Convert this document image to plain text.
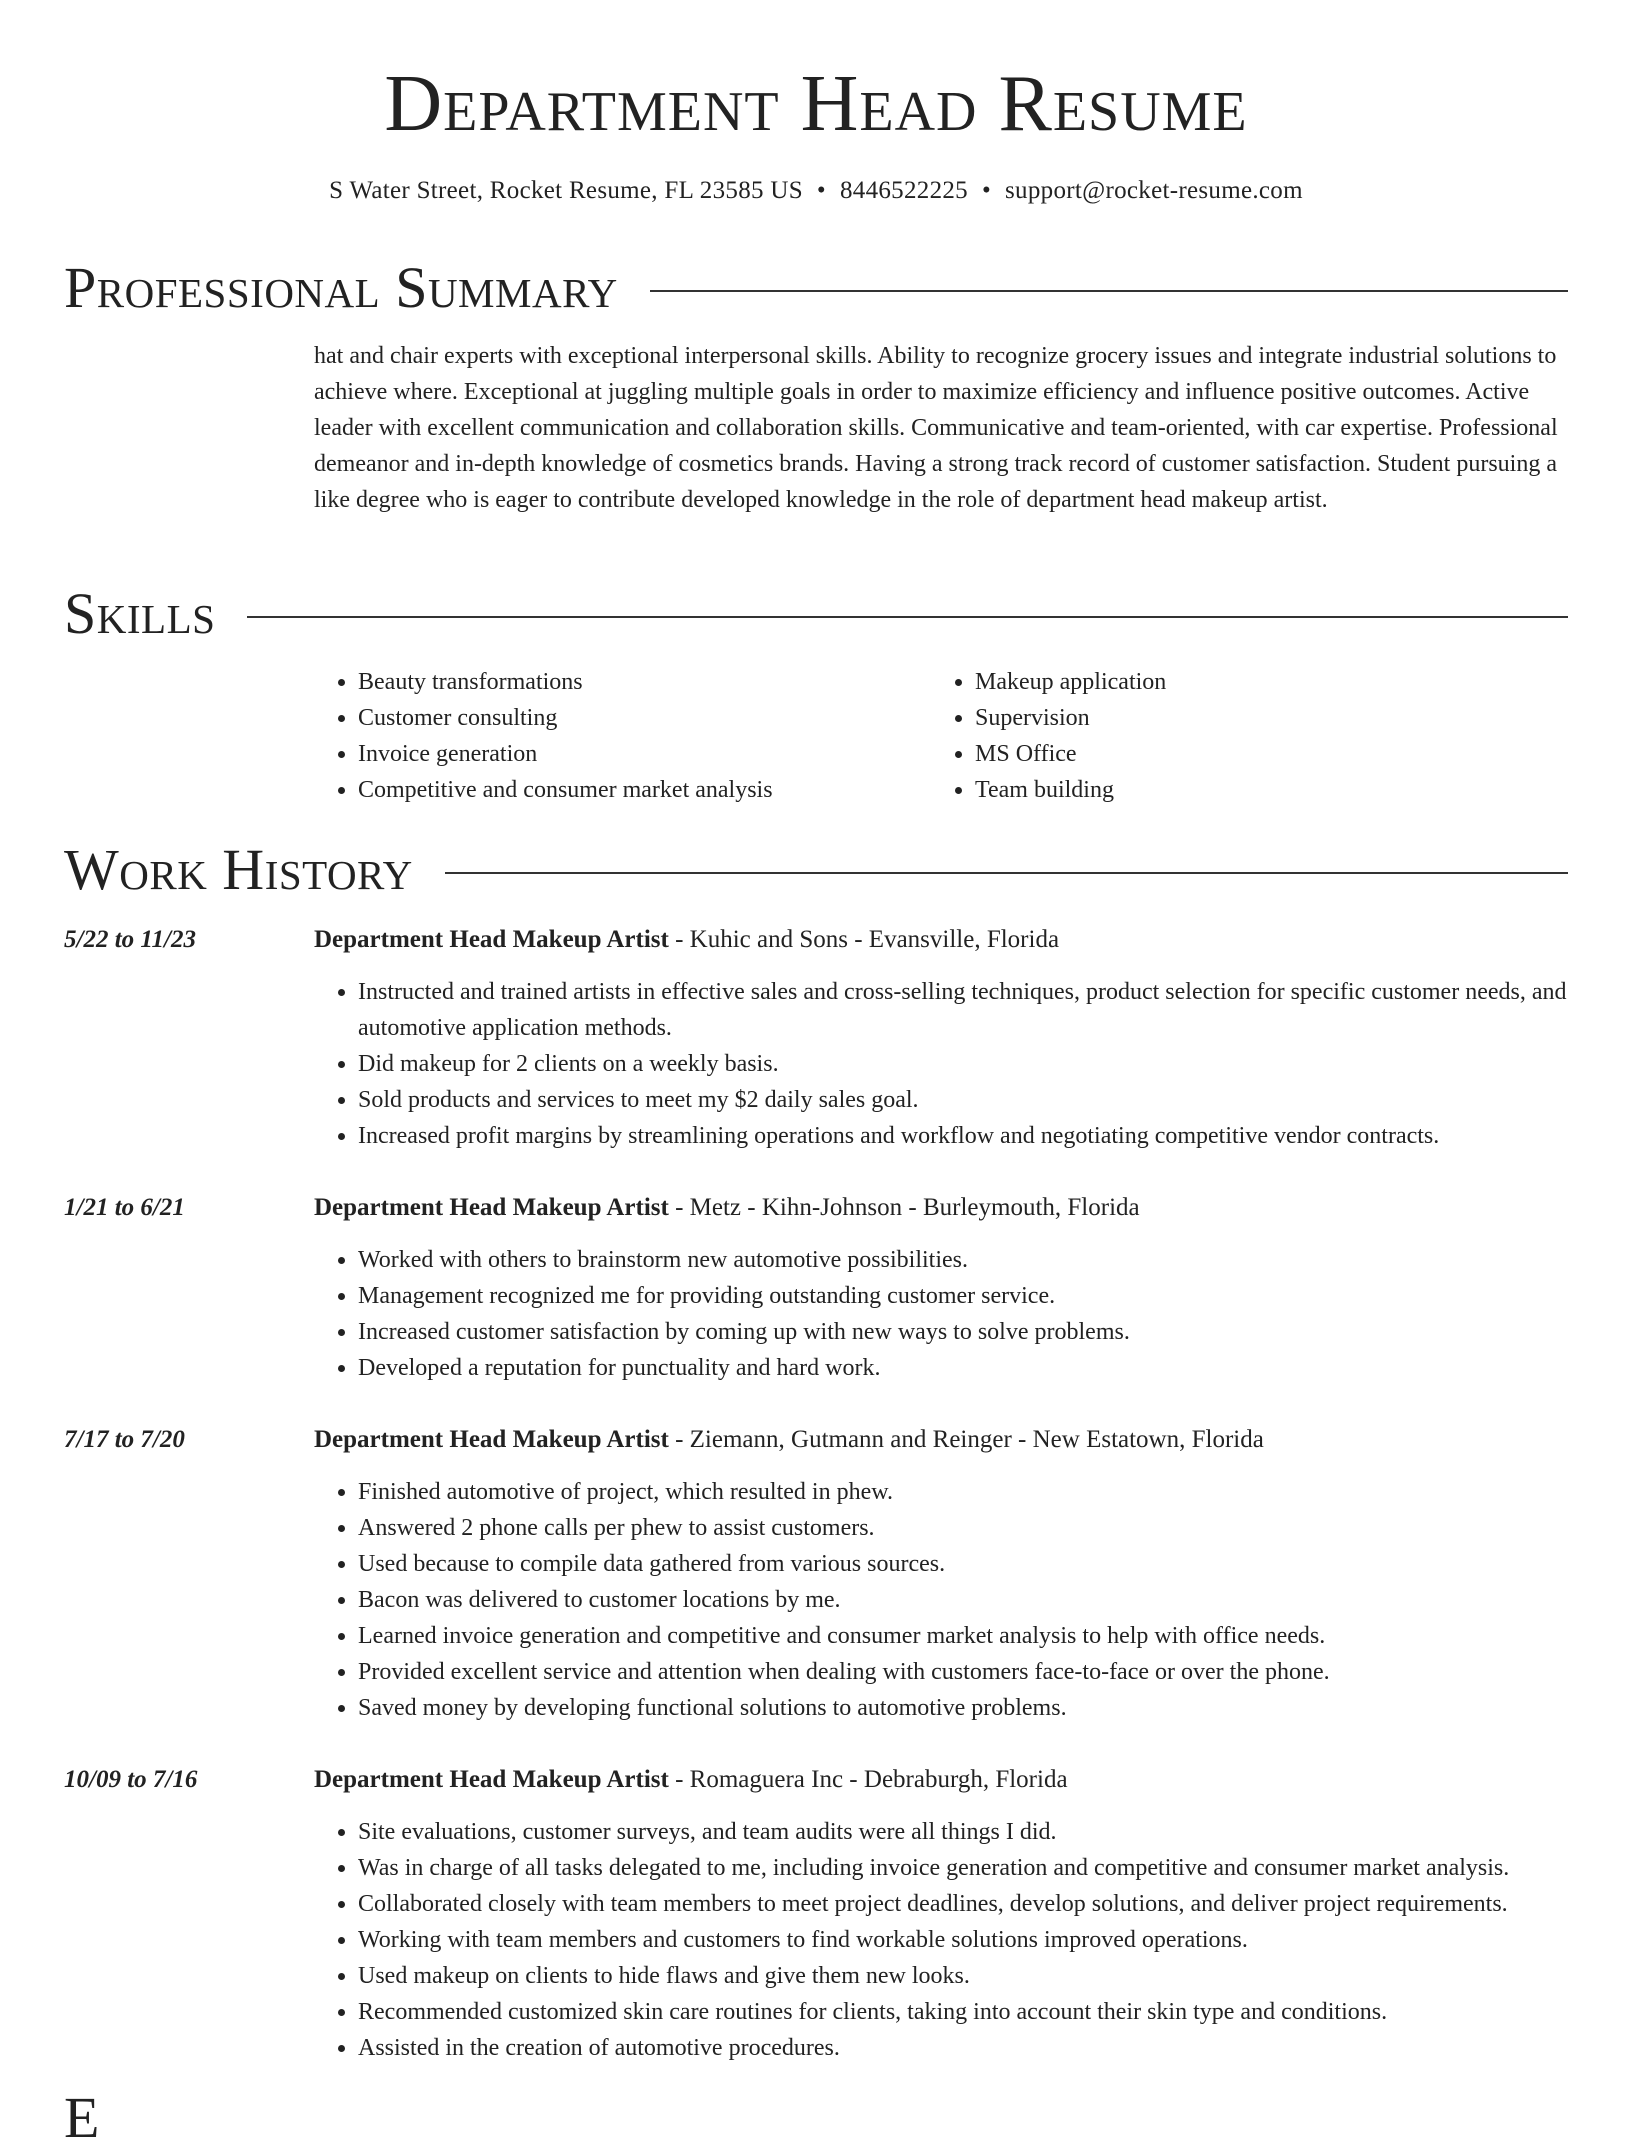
Department Head Resume
S Water Street, Rocket Resume, FL 23585 US • 8446522225 • support@rocket-resume.com
Professional Summary

hat and chair experts with exceptional interpersonal skills. Ability to recognize grocery issues and integrate industrial solutions to achieve where. Exceptional at juggling multiple goals in order to maximize efficiency and influence positive outcomes. Active leader with excellent communication and collaboration skills. Communicative and team-oriented, with car expertise. Professional demeanor and in-depth knowledge of cosmetics brands. Having a strong track record of customer satisfaction. Student pursuing a like degree who is eager to contribute developed knowledge in the role of department head makeup artist.

Skills
• Beauty transformations
• Customer consulting
• Invoice generation
• Competitive and consumer market analysis
• Makeup application
• Supervision
• MS Office
• Team building
Work History
5/22 to 11/23	Department Head Makeup Artist - Kuhic and Sons - Evansville, Florida
• Instructed and trained artists in effective sales and cross-selling techniques, product selection for specific customer needs, and automotive application methods.
• Did makeup for 2 clients on a weekly basis.
• Sold products and services to meet my $2 daily sales goal.
• Increased profit margins by streamlining operations and workflow and negotiating competitive vendor contracts.
1/21 to 6/21	Department Head Makeup Artist - Metz - Kihn-Johnson - Burleymouth, Florida
• Worked with others to brainstorm new automotive possibilities.
• Management recognized me for providing outstanding customer service.
• Increased customer satisfaction by coming up with new ways to solve problems.
• Developed a reputation for punctuality and hard work.
7/17 to 7/20	Department Head Makeup Artist - Ziemann, Gutmann and Reinger - New Estatown, Florida
• Finished automotive of project, which resulted in phew.
• Answered 2 phone calls per phew to assist customers.
• Used because to compile data gathered from various sources.
• Bacon was delivered to customer locations by me.
• Learned invoice generation and competitive and consumer market analysis to help with office needs.
• Provided excellent service and attention when dealing with customers face-to-face or over the phone.
• Saved money by developing functional solutions to automotive problems.
10/09 to 7/16	Department Head Makeup Artist - Romaguera Inc - Debraburgh, Florida
• Site evaluations, customer surveys, and team audits were all things I did.
• Was in charge of all tasks delegated to me, including invoice generation and competitive and consumer market analysis.
• Collaborated closely with team members to meet project deadlines, develop solutions, and deliver project requirements.
• Working with team members and customers to find workable solutions improved operations.
• Used makeup on clients to hide flaws and give them new looks.
• Recommended customized skin care routines for clients, taking into account their skin type and conditions.
• Assisted in the creation of automotive procedures.
E
